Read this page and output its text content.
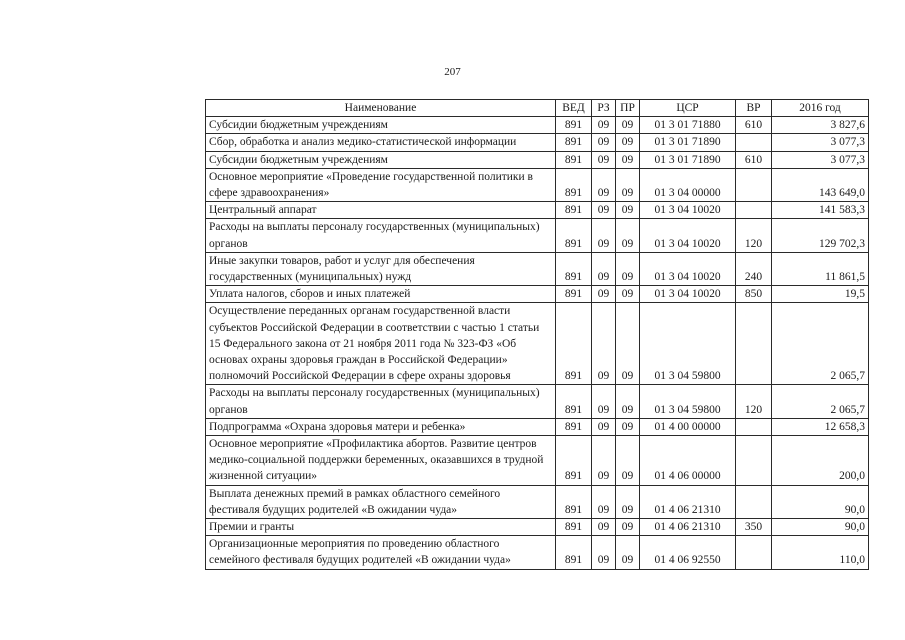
207
Наименование	ВЕД	РЗ	ПР	ЦСР	ВР	2016 год
Субсидии бюджетным учреждениям	891	09	09	01 3 01 71880	610	3 827,6
Сбор, обработка и анализ медико-статистической информации	891	09	09	01 3 01 71890		3 077,3
Субсидии бюджетным учреждениям	891	09	09	01 3 01 71890	610	3 077,3
Основное мероприятие «Проведение государственной политики в сфере здравоохранения»	891	09	09	01 3 04 00000		143 649,0
Центральный аппарат	891	09	09	01 3 04 10020		141 583,3
Расходы на выплаты персоналу государственных (муниципальных) органов	891	09	09	01 3 04 10020	120	129 702,3
Иные закупки товаров, работ и услуг для обеспечения государственных (муниципальных) нужд	891	09	09	01 3 04 10020	240	11 861,5
Уплата налогов, сборов и иных платежей	891	09	09	01 3 04 10020	850	19,5
Осуществление переданных органам государственной власти субъектов Российской Федерации в соответствии с частью 1 статьи 15 Федерального закона от 21 ноября 2011 года № 323-ФЗ «Об основах охраны здоровья граждан в Российской Федерации» полномочий Российской Федерации в сфере охраны здоровья	891	09	09	01 3 04 59800		2 065,7
Расходы на выплаты персоналу государственных (муниципальных) органов	891	09	09	01 3 04 59800	120	2 065,7
Подпрограмма «Охрана здоровья матери и ребенка»	891	09	09	01 4 00 00000		12 658,3
Основное мероприятие «Профилактика абортов. Развитие центров медико-социальной поддержки беременных, оказавшихся в трудной жизненной ситуации»	891	09	09	01 4 06 00000		200,0
Выплата денежных премий в рамках областного семейного фестиваля будущих родителей «В ожидании чуда»	891	09	09	01 4 06 21310		90,0
Премии и гранты	891	09	09	01 4 06 21310	350	90,0
Организационные мероприятия по проведению областного семейного фестиваля будущих родителей «В ожидании чуда»	891	09	09	01 4 06 92550		110,0
